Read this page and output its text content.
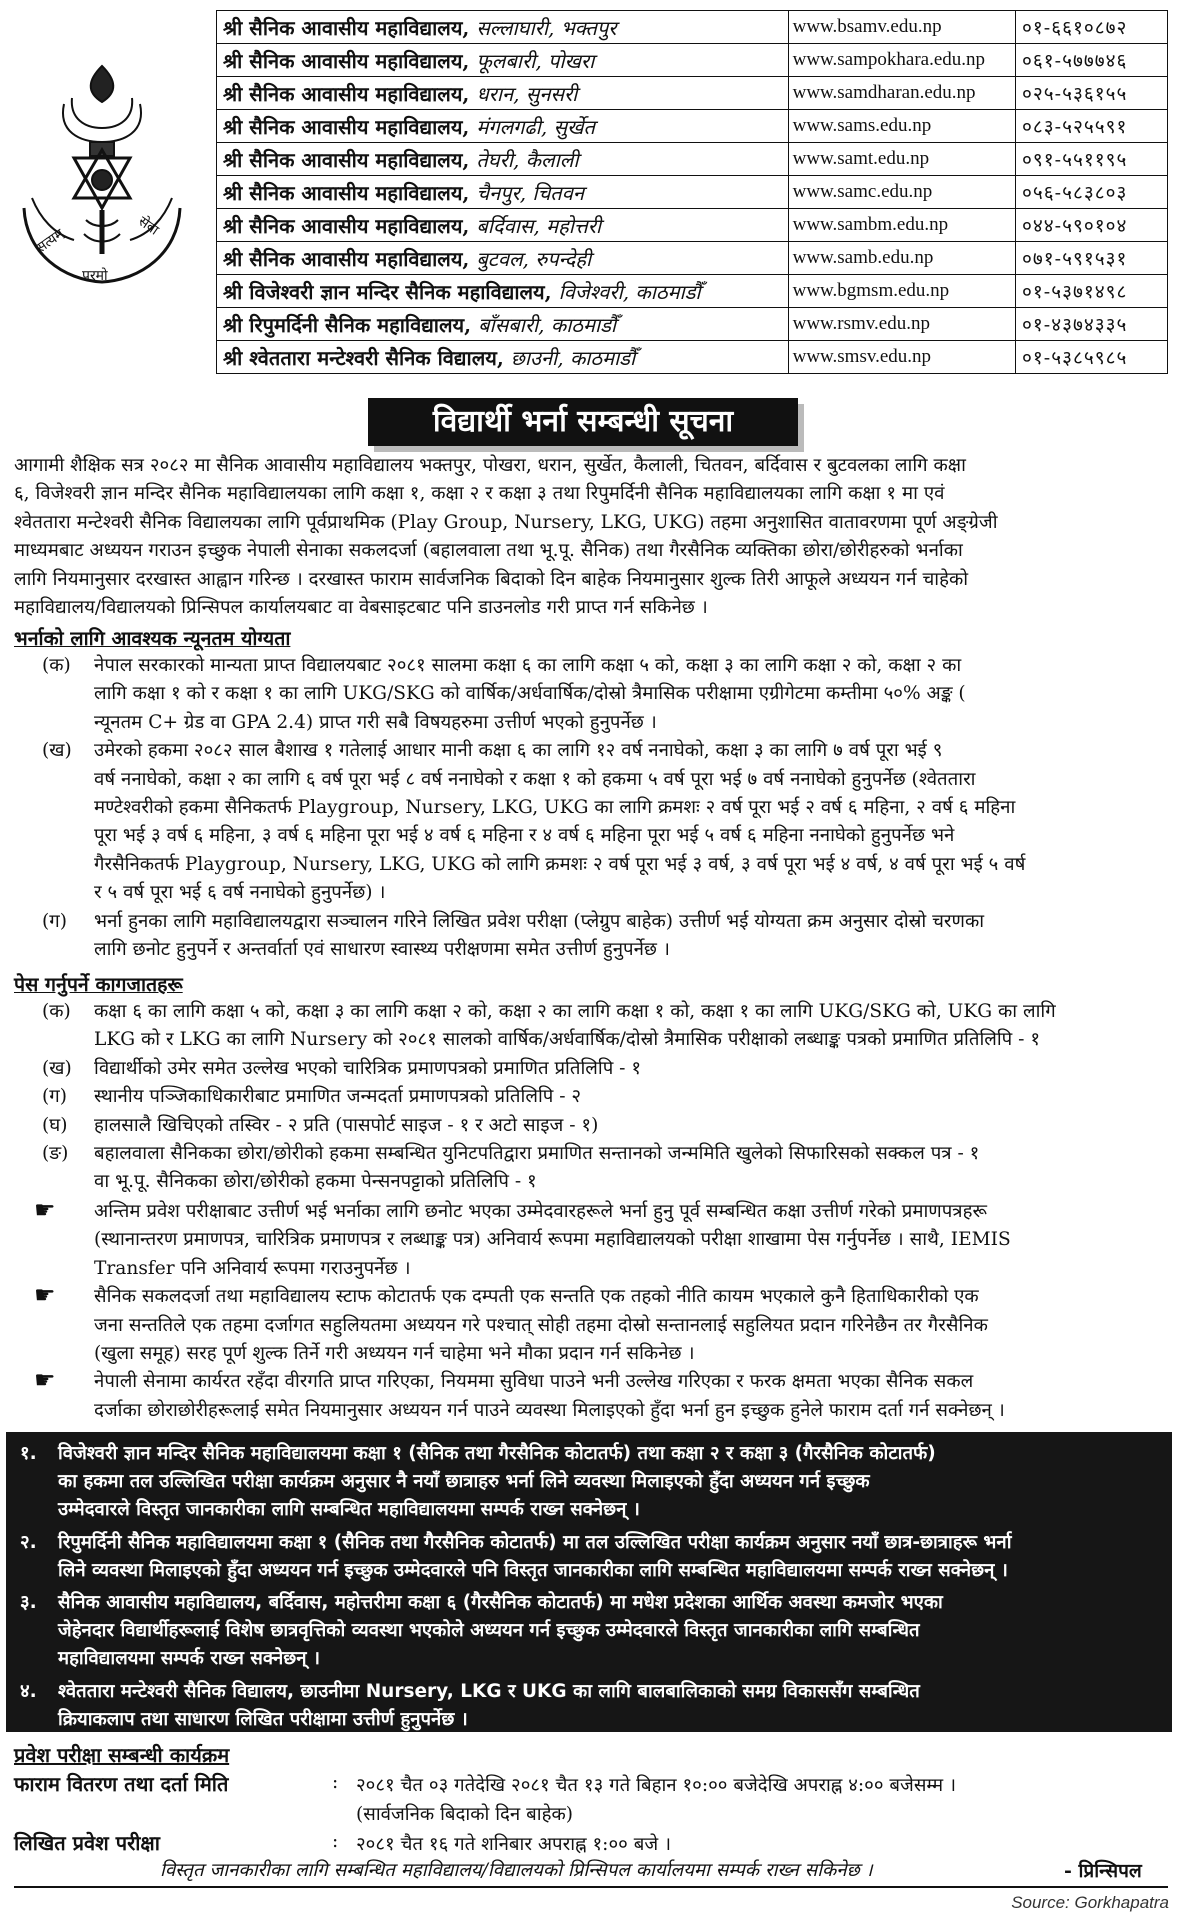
सत्यम्	सेवा
परमो
श्री सैनिक आवासीय महाविद्यालय, सल्लाघारी, भक्तपुर	www.bsamv.edu.np	०१-६६१०८७२
श्री सैनिक आवासीय महाविद्यालय, फूलबारी, पोखरा	www.sampokhara.edu.np	०६१-५७७७४६
श्री सैनिक आवासीय महाविद्यालय, धरान, सुनसरी	www.samdharan.edu.np	०२५-५३६१५५
श्री सैनिक आवासीय महाविद्यालय, मंगलगढी, सुर्खेत	www.sams.edu.np	०८३-५२५५९१
श्री सैनिक आवासीय महाविद्यालय, तेघरी, कैलाली	www.samt.edu.np	०९१-५५११९५
श्री सैनिक आवासीय महाविद्यालय, चैनपुर, चितवन	www.samc.edu.np	०५६-५८३८०३
श्री सैनिक आवासीय महाविद्यालय, बर्दिवास, महोत्तरी	www.sambm.edu.np	०४४-५९०१०४
श्री सैनिक आवासीय महाविद्यालय, बुटवल, रुपन्देही	www.samb.edu.np	०७१-५९१५३१
श्री विजेश्वरी ज्ञान मन्दिर सैनिक महाविद्यालय, विजेश्वरी, काठमाडौँ	www.bgmsm.edu.np	०१-५३७१४९८
श्री रिपुमर्दिनी सैनिक महाविद्यालय, बाँसबारी, काठमाडौँ	www.rsmv.edu.np	०१-४३७४३३५
श्री श्वेततारा मन्टेश्वरी सैनिक विद्यालय, छाउनी, काठमाडौँ	www.smsv.edu.np	०१-५३८५९८५
विद्यार्थी भर्ना सम्बन्धी सूचना
आगामी शैक्षिक सत्र २०८२ मा सैनिक आवासीय महाविद्यालय भक्तपुर, पोखरा, धरान, सुर्खेत, कैलाली, चितवन, बर्दिवास र बुटवलका लागि कक्षा
६, विजेश्वरी ज्ञान मन्दिर सैनिक महाविद्यालयका लागि कक्षा १, कक्षा २ र कक्षा ३ तथा रिपुमर्दिनी सैनिक महाविद्यालयका लागि कक्षा १ मा एवं
श्वेततारा मन्टेश्वरी सैनिक विद्यालयका लागि पूर्वप्राथमिक (Play Group, Nursery, LKG, UKG) तहमा अनुशासित वातावरणमा पूर्ण अङ्ग्रेजी
माध्यमबाट अध्ययन गराउन इच्छुक नेपाली सेनाका सकलदर्जा (बहालवाला तथा भू.पू. सैनिक) तथा गैरसैनिक व्यक्तिका छोरा/छोरीहरुको भर्नाका
लागि नियमानुसार दरखास्त आह्वान गरिन्छ । दरखास्त फाराम सार्वजनिक बिदाको दिन बाहेक नियमानुसार शुल्क तिरी आफूले अध्ययन गर्न चाहेको
महाविद्यालय/विद्यालयको प्रिन्सिपल कार्यालयबाट वा वेबसाइटबाट पनि डाउनलोड गरी प्राप्त गर्न सकिनेछ ।
भर्नाको लागि आवश्यक न्यूनतम योग्यता
(क) नेपाल सरकारको मान्यता प्राप्त विद्यालयबाट २०८१ सालमा कक्षा ६ का लागि कक्षा ५ को, कक्षा ३ का लागि कक्षा २ को, कक्षा २ का
लागि कक्षा १ को र कक्षा १ का लागि UKG/SKG को वार्षिक/अर्धवार्षिक/दोस्रो त्रैमासिक परीक्षामा एग्रीगेटमा कम्तीमा ५०% अङ्क (
न्यूनतम C+ ग्रेड वा GPA 2.4) प्राप्त गरी सबै विषयहरुमा उत्तीर्ण भएको हुनुपर्नेछ ।
(ख) उमेरको हकमा २०८२ साल बैशाख १ गतेलाई आधार मानी कक्षा ६ का लागि १२ वर्ष ननाघेको, कक्षा ३ का लागि ७ वर्ष पूरा भई ९
वर्ष ननाघेको, कक्षा २ का लागि ६ वर्ष पूरा भई ८ वर्ष ननाघेको र कक्षा १ को हकमा ५ वर्ष पूरा भई ७ वर्ष ननाघेको हुनुपर्नेछ (श्वेततारा
मण्टेश्वरीको हकमा सैनिकतर्फ Playgroup, Nursery, LKG, UKG का लागि क्रमशः २ वर्ष पूरा भई २ वर्ष ६ महिना, २ वर्ष ६ महिना
पूरा भई ३ वर्ष ६ महिना, ३ वर्ष ६ महिना पूरा भई ४ वर्ष ६ महिना र ४ वर्ष ६ महिना पूरा भई ५ वर्ष ६ महिना ननाघेको हुनुपर्नेछ भने
गैरसैनिकतर्फ Playgroup, Nursery, LKG, UKG को लागि क्रमशः २ वर्ष पूरा भई ३ वर्ष, ३ वर्ष पूरा भई ४ वर्ष, ४ वर्ष पूरा भई ५ वर्ष
र ५ वर्ष पूरा भई ६ वर्ष ननाघेको हुनुपर्नेछ) ।
(ग) भर्ना हुनका लागि महाविद्यालयद्वारा सञ्चालन गरिने लिखित प्रवेश परीक्षा (प्लेग्रुप बाहेक) उत्तीर्ण भई योग्यता क्रम अनुसार दोस्रो चरणका
लागि छनोट हुनुपर्ने र अन्तर्वार्ता एवं साधारण स्वास्थ्य परीक्षणमा समेत उत्तीर्ण हुनुपर्नेछ ।
पेस गर्नुपर्ने कागजातहरू
(क) कक्षा ६ का लागि कक्षा ५ को, कक्षा ३ का लागि कक्षा २ को, कक्षा २ का लागि कक्षा १ को, कक्षा १ का लागि UKG/SKG को, UKG का लागि
LKG को र LKG का लागि Nursery को २०८१ सालको वार्षिक/अर्धवार्षिक/दोस्रो त्रैमासिक परीक्षाको लब्धाङ्क पत्रको प्रमाणित प्रतिलिपि - १
(ख) विद्यार्थीको उमेर समेत उल्लेख भएको चारित्रिक प्रमाणपत्रको प्रमाणित प्रतिलिपि - १
(ग) स्थानीय पञ्जिकाधिकारीबाट प्रमाणित जन्मदर्ता प्रमाणपत्रको प्रतिलिपि - २
(घ) हालसालै खिचिएको तस्विर - २ प्रति (पासपोर्ट साइज - १ र अटो साइज - १)
(ङ) बहालवाला सैनिकका छोरा/छोरीको हकमा सम्बन्धित युनिटपतिद्वारा प्रमाणित सन्तानको जन्ममिति खुलेको सिफारिसको सक्कल पत्र - १
वा भू.पू. सैनिकका छोरा/छोरीको हकमा पेन्सनपट्टाको प्रतिलिपि - १
☛ अन्तिम प्रवेश परीक्षाबाट उत्तीर्ण भई भर्नाका लागि छनोट भएका उम्मेदवारहरूले भर्ना हुनु पूर्व सम्बन्धित कक्षा उत्तीर्ण गरेको प्रमाणपत्रहरू
(स्थानान्तरण प्रमाणपत्र, चारित्रिक प्रमाणपत्र र लब्धाङ्क पत्र) अनिवार्य रूपमा महाविद्यालयको परीक्षा शाखामा पेस गर्नुपर्नेछ । साथै, IEMIS
Transfer पनि अनिवार्य रूपमा गराउनुपर्नेछ ।
☛ सैनिक सकलदर्जा तथा महाविद्यालय स्टाफ कोटातर्फ एक दम्पती एक सन्तति एक तहको नीति कायम भएकाले कुनै हिताधिकारीको एक
जना सन्ततिले एक तहमा दर्जागत सहुलियतमा अध्ययन गरे पश्चात् सोही तहमा दोस्रो सन्तानलाई सहुलियत प्रदान गरिनेछैन तर गैरसैनिक
(खुला समूह) सरह पूर्ण शुल्क तिर्ने गरी अध्ययन गर्न चाहेमा भने मौका प्रदान गर्न सकिनेछ ।
☛ नेपाली सेनामा कार्यरत रहँदा वीरगति प्राप्त गरिएका, नियममा सुविधा पाउने भनी उल्लेख गरिएका र फरक क्षमता भएका सैनिक सकल
दर्जाका छोराछोरीहरूलाई समेत नियमानुसार अध्ययन गर्न पाउने व्यवस्था मिलाइएको हुँदा भर्ना हुन इच्छुक हुनेले फाराम दर्ता गर्न सक्नेछन् ।
१. विजेश्वरी ज्ञान मन्दिर सैनिक महाविद्यालयमा कक्षा १ (सैनिक तथा गैरसैनिक कोटातर्फ) तथा कक्षा २ र कक्षा ३ (गैरसैनिक कोटातर्फ)
का हकमा तल उल्लिखित परीक्षा कार्यक्रम अनुसार नै नयाँ छात्राहरु भर्ना लिने व्यवस्था मिलाइएको हुँदा अध्ययन गर्न इच्छुक
उम्मेदवारले विस्तृत जानकारीका लागि सम्बन्धित महाविद्यालयमा सम्पर्क राख्न सक्नेछन् ।
२. रिपुमर्दिनी सैनिक महाविद्यालयमा कक्षा १ (सैनिक तथा गैरसैनिक कोटातर्फ) मा तल उल्लिखित परीक्षा कार्यक्रम अनुसार नयाँ छात्र-छात्राहरू भर्ना
लिने व्यवस्था मिलाइएको हुँदा अध्ययन गर्न इच्छुक उम्मेदवारले पनि विस्तृत जानकारीका लागि सम्बन्धित महाविद्यालयमा सम्पर्क राख्न सक्नेछन् ।
३. सैनिक आवासीय महाविद्यालय, बर्दिवास, महोत्तरीमा कक्षा ६ (गैरसैनिक कोटातर्फ) मा मधेश प्रदेशका आर्थिक अवस्था कमजोर भएका
जेहेनदार विद्यार्थीहरूलाई विशेष छात्रवृत्तिको व्यवस्था भएकोले अध्ययन गर्न इच्छुक उम्मेदवारले विस्तृत जानकारीका लागि सम्बन्धित
महाविद्यालयमा सम्पर्क राख्न सक्नेछन् ।
४. श्वेततारा मन्टेश्वरी सैनिक विद्यालय, छाउनीमा Nursery, LKG र UKG का लागि बालबालिकाको समग्र विकाससँग सम्बन्धित
क्रियाकलाप तथा साधारण लिखित परीक्षामा उत्तीर्ण हुनुपर्नेछ ।
प्रवेश परीक्षा सम्बन्धी कार्यक्रम
फाराम वितरण तथा दर्ता मिति	: २०८१ चैत ०३ गतेदेखि २०८१ चैत १३ गते बिहान १०:०० बजेदेखि अपराह्न ४:०० बजेसम्म ।
(सार्वजनिक बिदाको दिन बाहेक)
लिखित प्रवेश परीक्षा	: २०८१ चैत १६ गते शनिबार अपराह्न १:०० बजे ।
विस्तृत जानकारीका लागि सम्बन्धित महाविद्यालय/विद्यालयको प्रिन्सिपल कार्यालयमा सम्पर्क राख्न सकिनेछ ।	- प्रिन्सिपल
Source: Gorkhapatra
